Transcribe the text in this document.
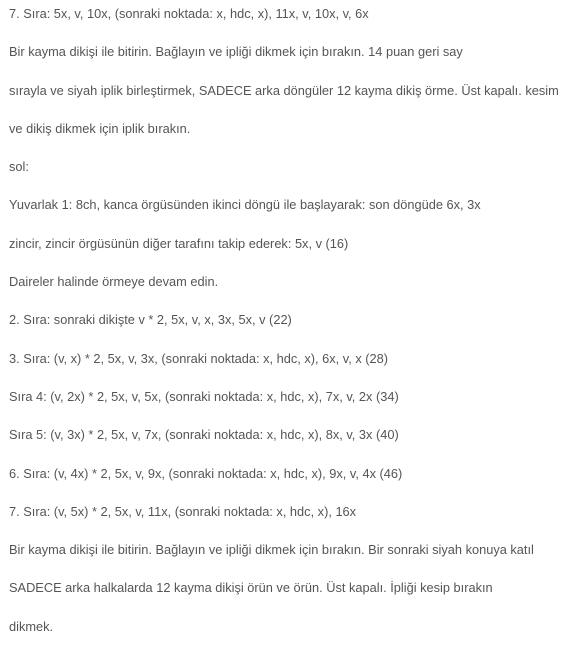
7. Sıra: 5x, v, 10x, (sonraki noktada: x, hdc, x), 11x, v, 10x, v, 6x

Bir kayma dikişi ile bitirin. Bağlayın ve ipliği dikmek için bırakın. 14 puan geri say

sırayla ve siyah iplik birleştirmek, SADECE arka döngüler 12 kayma dikiş örme. Üst kapalı. kesim

ve dikiş dikmek için iplik bırakın.

sol:

Yuvarlak 1: 8ch, kanca örgüsünden ikinci döngü ile başlayarak: son döngüde 6x, 3x

zincir, zincir örgüsünün diğer tarafını takip ederek: 5x, v (16)

Daireler halinde örmeye devam edin.

2. Sıra: sonraki dikişte v * 2, 5x, v, x, 3x, 5x, v (22)

3. Sıra: (v, x) * 2, 5x, v, 3x, (sonraki noktada: x, hdc, x), 6x, v, x (28)

Sıra 4: (v, 2x) * 2, 5x, v, 5x, (sonraki noktada: x, hdc, x), 7x, v, 2x (34)

Sıra 5: (v, 3x) * 2, 5x, v, 7x, (sonraki noktada: x, hdc, x), 8x, v, 3x (40)

6. Sıra: (v, 4x) * 2, 5x, v, 9x, (sonraki noktada: x, hdc, x), 9x, v, 4x (46)

7. Sıra: (v, 5x) * 2, 5x, v, 11x, (sonraki noktada: x, hdc, x), 16x

Bir kayma dikişi ile bitirin. Bağlayın ve ipliği dikmek için bırakın. Bir sonraki siyah konuya katıl

SADECE arka halkalarda 12 kayma dikişi örün ve örün. Üst kapalı. İpliği kesip bırakın

dikmek.
